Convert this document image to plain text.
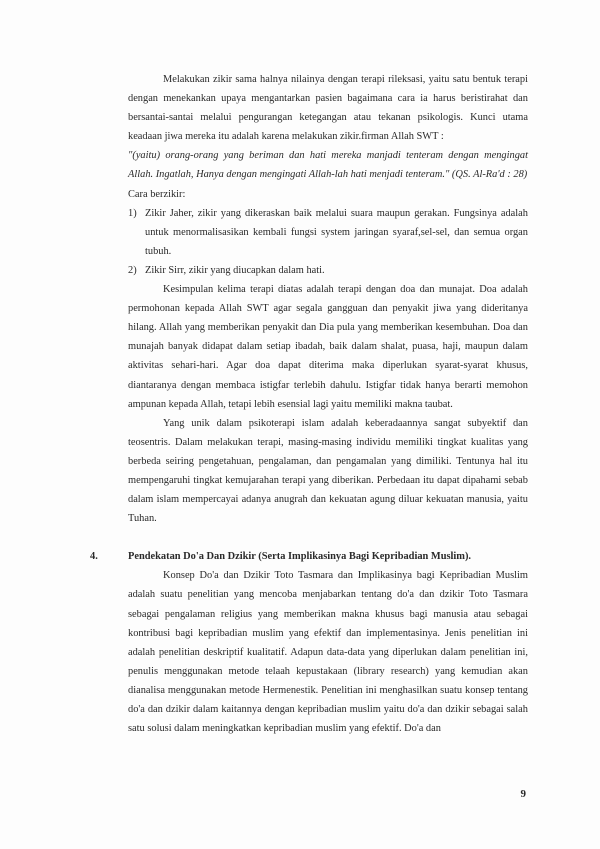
Melakukan zikir sama halnya nilainya dengan terapi rileksasi, yaitu satu bentuk terapi dengan menekankan upaya mengantarkan pasien bagaimana cara ia harus beristirahat dan bersantai-santai melalui pengurangan ketegangan atau tekanan psikologis. Kunci utama keadaan jiwa mereka itu adalah karena melakukan zikir.firman Allah SWT :

"(yaitu) orang-orang yang beriman dan hati mereka manjadi tenteram dengan mengingat Allah. Ingatlah, Hanya dengan mengingati Allah-lah hati menjadi tenteram." (QS. Al-Ra'd : 28)

Cara berzikir:

1) Zikir Jaher, zikir yang dikeraskan baik melalui suara maupun gerakan. Fungsinya adalah untuk menormalisasikan kembali fungsi system jaringan syaraf,sel-sel, dan semua organ tubuh.
2) Zikir Sirr, zikir yang diucapkan dalam hati.

Kesimpulan kelima terapi diatas adalah terapi dengan doa dan munajat. Doa adalah permohonan kepada Allah SWT agar segala gangguan dan penyakit jiwa yang dideritanya hilang. Allah yang memberikan penyakit dan Dia pula yang memberikan kesembuhan. Doa dan munajah banyak didapat dalam setiap ibadah, baik dalam shalat, puasa, haji, maupun dalam aktivitas sehari-hari. Agar doa dapat diterima maka diperlukan syarat-syarat khusus, diantaranya dengan membaca istigfar terlebih dahulu. Istigfar tidak hanya berarti memohon ampunan kepada Allah, tetapi lebih esensial lagi yaitu memiliki makna taubat.

Yang unik dalam psikoterapi islam adalah keberadaannya sangat subyektif dan teosentris. Dalam melakukan terapi, masing-masing individu memiliki tingkat kualitas yang berbeda seiring pengetahuan, pengalaman, dan pengamalan yang dimiliki. Tentunya hal itu mempengaruhi tingkat kemujarahan terapi yang diberikan. Perbedaan itu dapat dipahami sebab dalam islam mempercayai adanya anugrah dan kekuatan agung diluar kekuatan manusia, yaitu Tuhan.

4.	Pendekatan Do'a Dan Dzikir (Serta Implikasinya Bagi Kepribadian Muslim).

Konsep Do'a dan Dzikir Toto Tasmara dan Implikasinya bagi Kepribadian Muslim adalah suatu penelitian yang mencoba menjabarkan tentang do'a dan dzikir Toto Tasmara sebagai pengalaman religius yang memberikan makna khusus bagi manusia atau sebagai kontribusi bagi kepribadian muslim yang efektif dan implementasinya. Jenis penelitian ini adalah penelitian deskriptif kualitatif. Adapun data-data yang diperlukan dalam penelitian ini, penulis menggunakan metode telaah kepustakaan (library research) yang kemudian akan dianalisa menggunakan metode Hermenestik. Penelitian ini menghasilkan suatu konsep tentang do'a dan dzikir dalam kaitannya dengan kepribadian muslim yaitu do'a dan dzikir sebagai salah satu solusi dalam meningkatkan kepribadian muslim yang efektif. Do'a dan

9
